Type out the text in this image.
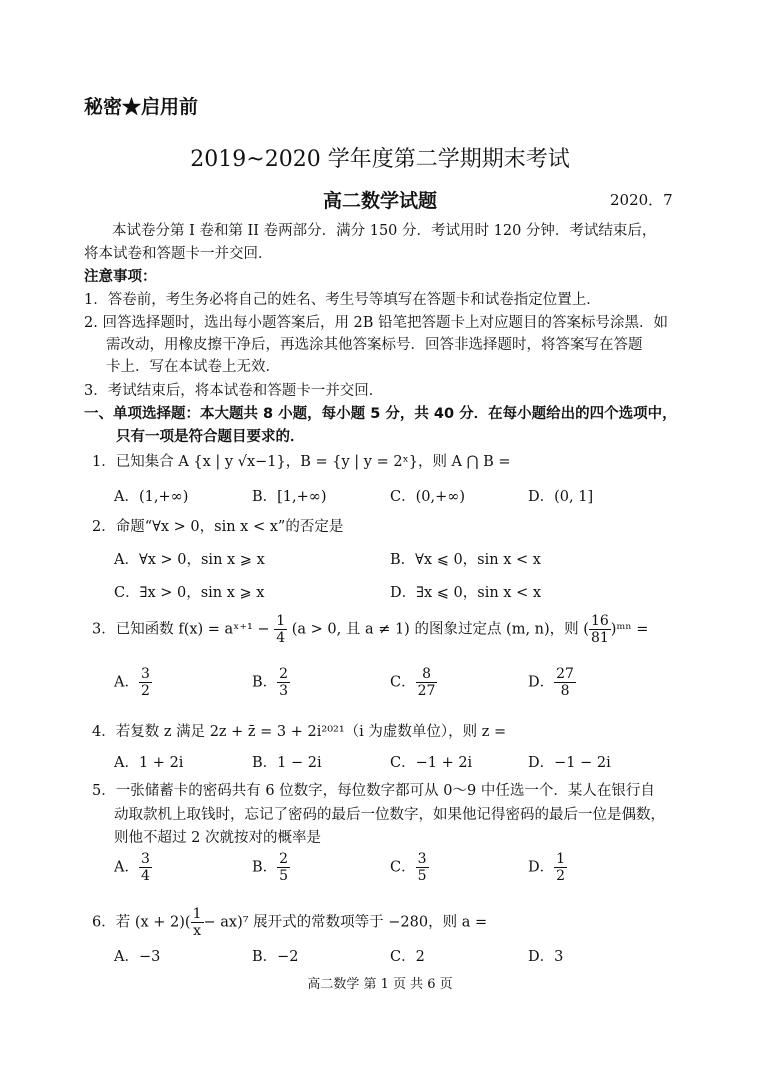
秘密★启用前
2019~2020 学年度第二学期期末考试
高二数学试题	2020．7
本试卷分第 I 卷和第 II 卷两部分．满分 150 分．考试用时 120 分钟．考试结束后，
将本试卷和答题卡一并交回．
注意事项：
1．答卷前，考生务必将自己的姓名、考生号等填写在答题卡和试卷指定位置上．
2. 回答选择题时，选出每小题答案后，用 2B 铅笔把答题卡上对应题目的答案标号涂黑．如
需改动，用橡皮擦干净后，再选涂其他答案标号．回答非选择题时，将答案写在答题
卡上．写在本试卷上无效．
3．考试结束后，将本试卷和答题卡一并交回．
一、单项选择题：本大题共 8 小题，每小题 5 分，共 40 分．在每小题给出的四个选项中，
只有一项是符合题目要求的．
1．已知集合 A {x | y √x−1}，B = {y | y = 2ˣ}，则 A ⋂ B =
A．(1,+∞)	B．[1,+∞)	C．(0,+∞)	D．(0, 1]
2．命题“∀x > 0，sin x < x”的否定是
A．∀x > 0，sin x ⩾ x	B．∀x ⩽ 0，sin x < x
C．∃x > 0，sin x ⩾ x	D．∃x ⩽ 0，sin x < x
3．已知函数 f(x) = aˣ⁺¹ − $\frac{1}{4} (a > 0$, 且 a ≠ 1) 的图象过定点 (m, n)，则 ( $\frac{16}{81}$ )ᵐⁿ =
A． $\frac{3}{2}$	B． $\frac{2}{3}$	C． $\frac{8}{27}$	D． $\frac{27}{8}$
4．若复数 z 满足 2z + z̄ = 3 + 2i²⁰²¹（i 为虚数单位），则 z =
A．1 + 2i	B．1 − 2i	C．−1 + 2i	D．−1 − 2i
5．一张储蓄卡的密码共有 6 位数字，每位数字都可从 0～9 中任选一个．某人在银行自
动取款机上取钱时，忘记了密码的最后一位数字，如果他记得密码的最后一位是偶数，
则他不超过 2 次就按对的概率是
A． $\frac{3}{4}$	B． $\frac{2}{5}$	C． $\frac{3}{5}$	D． $\frac{1}{2}$
6．若 $(x + 2)( \frac{1}{x} - ax)^7$ 展开式的常数项等于 −280，则 a =
A．−3	B．−2	C．2	D．3
高二数学 第 1 页 共 6 页
